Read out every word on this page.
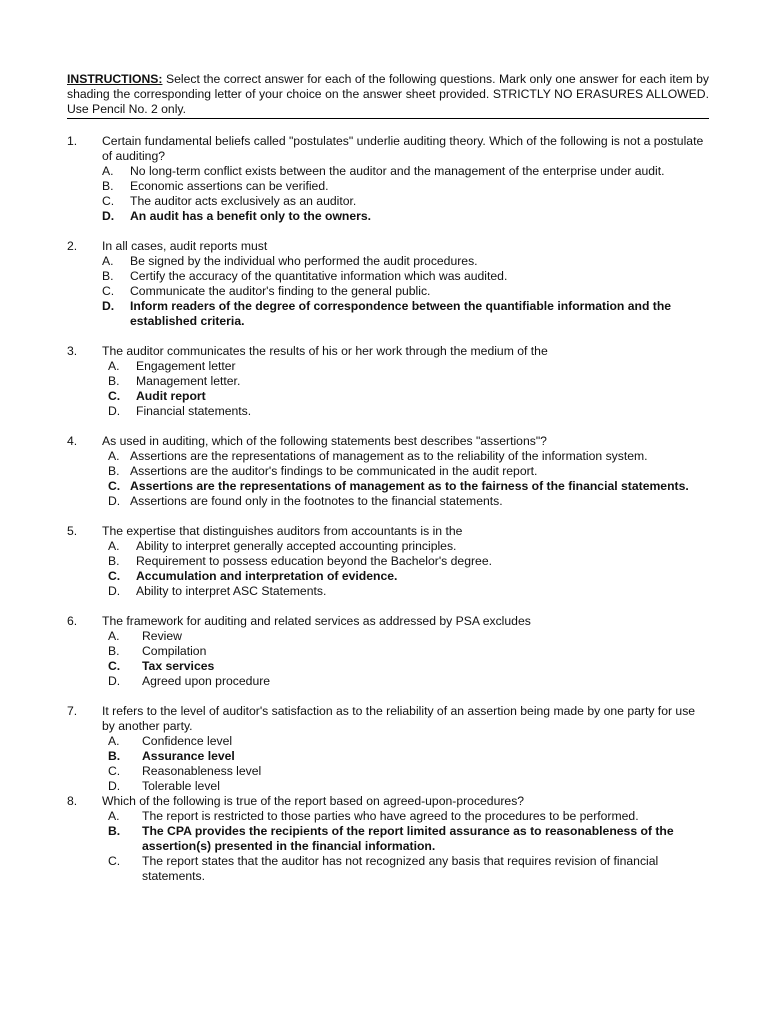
INSTRUCTIONS: Select the correct answer for each of the following questions. Mark only one answer for each item by shading the corresponding letter of your choice on the answer sheet provided. STRICTLY NO ERASURES ALLOWED. Use Pencil No. 2 only.
1. Certain fundamental beliefs called "postulates" underlie auditing theory. Which of the following is not a postulate of auditing?
A. No long-term conflict exists between the auditor and the management of the enterprise under audit.
B. Economic assertions can be verified.
C. The auditor acts exclusively as an auditor.
D. An audit has a benefit only to the owners.
2. In all cases, audit reports must
A. Be signed by the individual who performed the audit procedures.
B. Certify the accuracy of the quantitative information which was audited.
C. Communicate the auditor's finding to the general public.
D. Inform readers of the degree of correspondence between the quantifiable information and the established criteria.
3. The auditor communicates the results of his or her work through the medium of the
A. Engagement letter
B. Management letter.
C. Audit report
D. Financial statements.
4. As used in auditing, which of the following statements best describes "assertions"?
A. Assertions are the representations of management as to the reliability of the information system.
B. Assertions are the auditor's findings to be communicated in the audit report.
C. Assertions are the representations of management as to the fairness of the financial statements.
D. Assertions are found only in the footnotes to the financial statements.
5. The expertise that distinguishes auditors from accountants is in the
A. Ability to interpret generally accepted accounting principles.
B. Requirement to possess education beyond the Bachelor's degree.
C. Accumulation and interpretation of evidence.
D. Ability to interpret ASC Statements.
6. The framework for auditing and related services as addressed by PSA excludes
A. Review
B. Compilation
C. Tax services
D. Agreed upon procedure
7. It refers to the level of auditor's satisfaction as to the reliability of an assertion being made by one party for use by another party.
A. Confidence level
B. Assurance level
C. Reasonableness level
D. Tolerable level
8. Which of the following is true of the report based on agreed-upon-procedures?
A. The report is restricted to those parties who have agreed to the procedures to be performed.
B. The CPA provides the recipients of the report limited assurance as to reasonableness of the assertion(s) presented in the financial information.
C. The report states that the auditor has not recognized any basis that requires revision of financial statements.
